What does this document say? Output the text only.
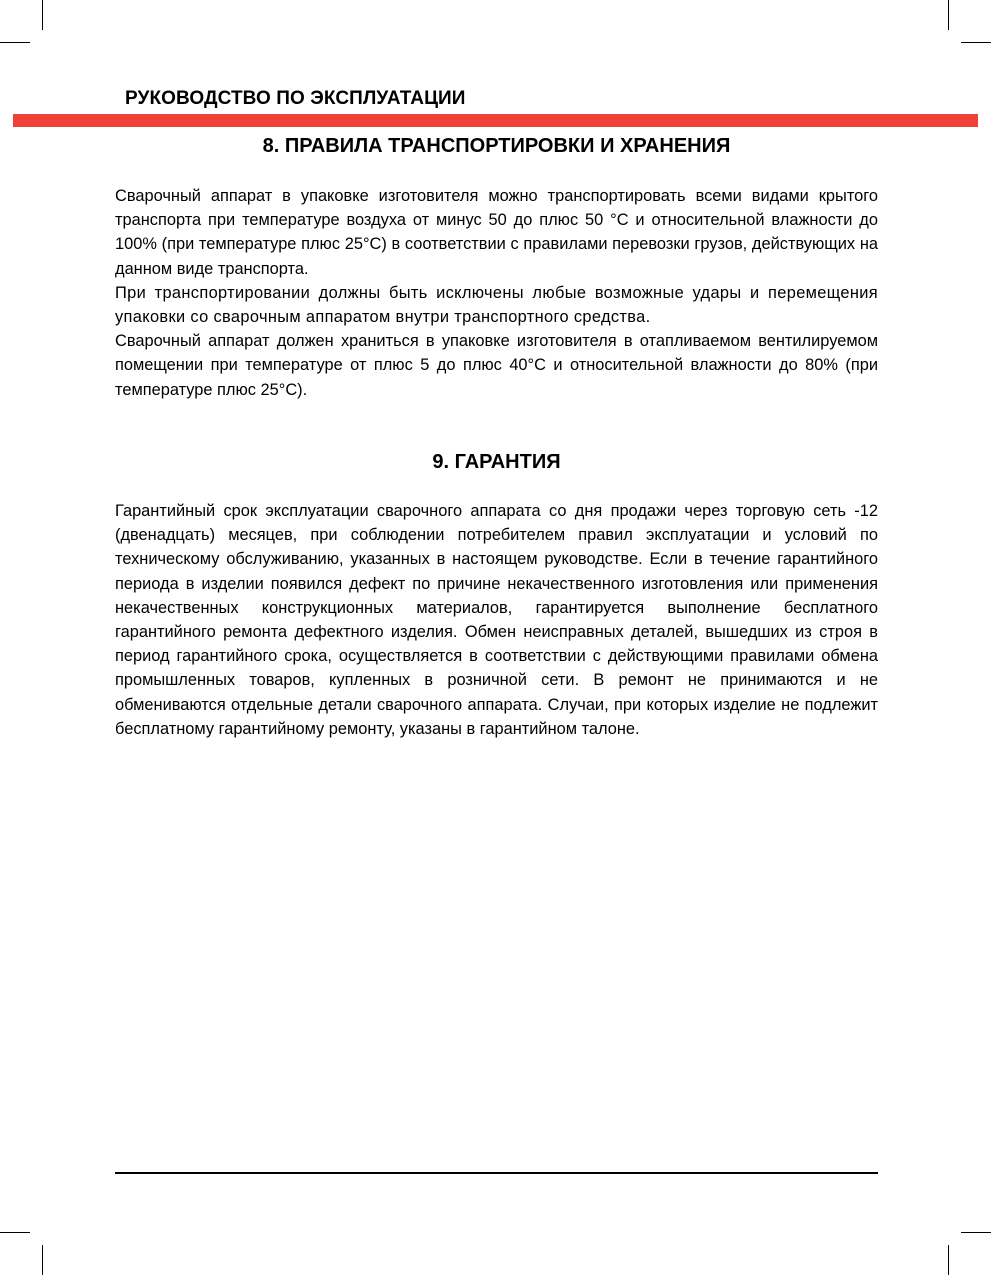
РУКОВОДСТВО ПО ЭКСПЛУАТАЦИИ
8. ПРАВИЛА ТРАНСПОРТИРОВКИ И ХРАНЕНИЯ

Сварочный аппарат в упаковке изготовителя можно транспортировать всеми видами крытого транспорта при температуре воздуха от минус 50 до плюс 50 °С и относительной влажности до 100% (при температуре плюс 25°С) в соответствии с правилами перевозки грузов, действующих на данном виде транспорта.

При транспортировании должны быть исключены любые возможные удары и перемещения упаковки со сварочным аппаратом внутри транспортного средства.

Сварочный аппарат должен храниться в упаковке изготовителя в отапливаемом вентилируемом помещении при температуре от плюс 5 до плюс 40°С и относительной влажности до 80% (при температуре плюс 25°С).

9. ГАРАНТИЯ

Гарантийный срок эксплуатации сварочного аппарата со дня продажи через торговую сеть -12 (двенадцать) месяцев, при соблюдении потребителем правил эксплуатации и условий по техническому обслуживанию, указанных в настоящем руководстве. Если в течение гарантийного периода в изделии появился дефект по причине некачественного изготовления или применения некачественных конструкционных материалов, гарантируется выполнение бесплатного гарантийного ремонта дефектного изделия. Обмен неисправных деталей, вышедших из строя в период гарантийного срока, осуществляется в соответствии с действующими правилами обмена промышленных товаров, купленных в розничной сети. В ремонт не принимаются и не обмениваются отдельные детали сварочного аппарата. Случаи, при которых изделие не подлежит бесплатному гарантийному ремонту, указаны в гарантийном талоне.
